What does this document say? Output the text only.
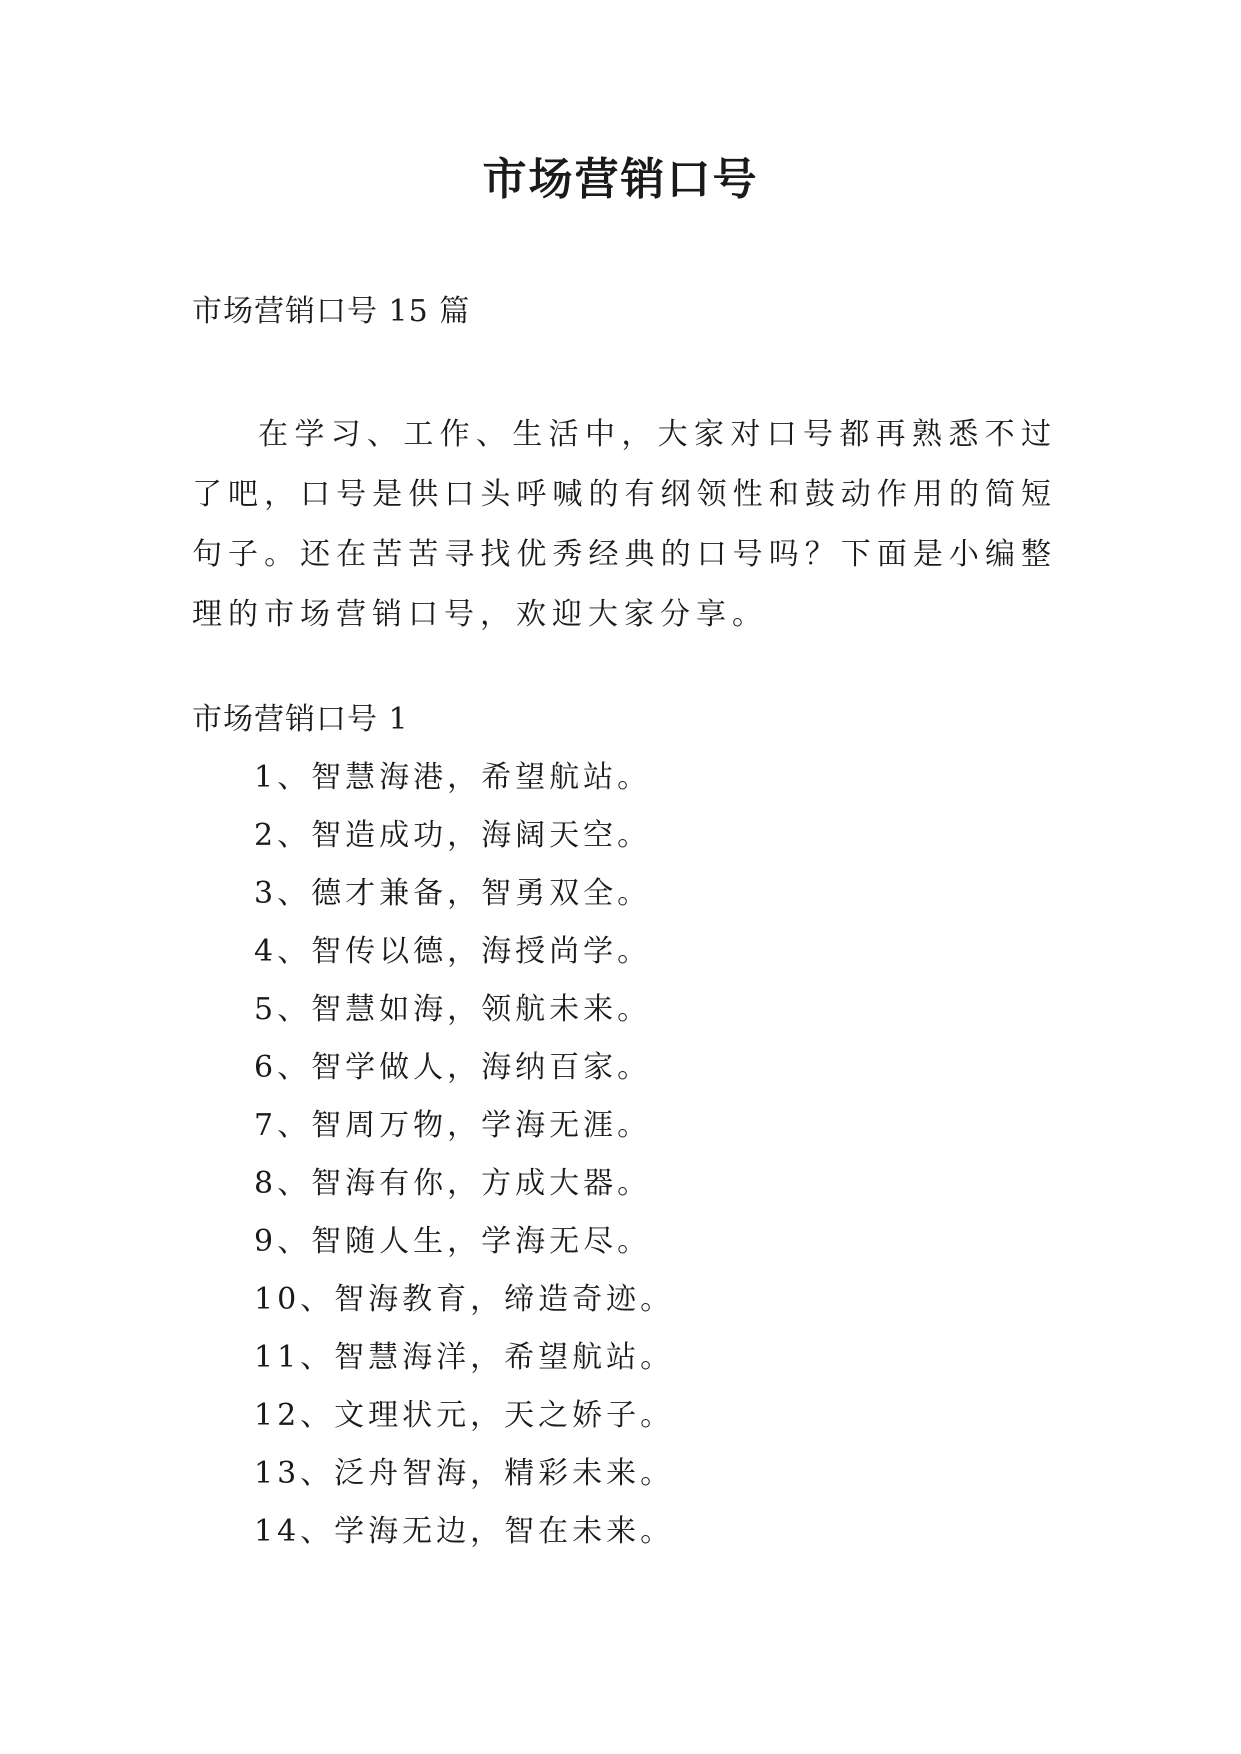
市场营销口号

市场营销口号 15 篇

在学习、工作、生活中，大家对口号都再熟悉不过了吧，口号是供口头呼喊的有纲领性和鼓动作用的简短句子。还在苦苦寻找优秀经典的口号吗？下面是小编整理的市场营销口号，欢迎大家分享。

市场营销口号 1

1、智慧海港，希望航站。
2、智造成功，海阔天空。
3、德才兼备，智勇双全。
4、智传以德，海授尚学。
5、智慧如海，领航未来。
6、智学做人，海纳百家。
7、智周万物，学海无涯。
8、智海有你，方成大器。
9、智随人生，学海无尽。
10、智海教育，缔造奇迹。
11、智慧海洋，希望航站。
12、文理状元，天之娇子。
13、泛舟智海，精彩未来。
14、学海无边，智在未来。
